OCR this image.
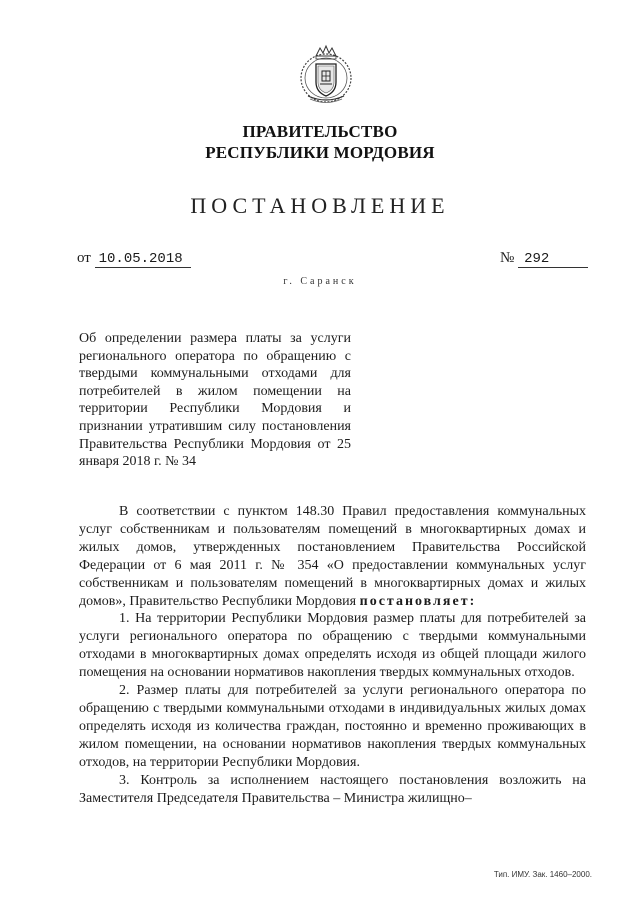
ПРАВИТЕЛЬСТВО
РЕСПУБЛИКИ МОРДОВИЯ
ПОСТАНОВЛЕНИЕ
от 10.05.2018	№ 292
г. Саранск
Об определении размера платы за услуги регионального оператора по обращению с твердыми коммунальными отходами для потребителей в жилом помещении на территории Республики Мордовия и признании утратившим силу постановления Правительства Республики Мордовия от 25 января 2018 г. № 34

В соответствии с пунктом 148.30 Правил предоставления коммунальных услуг собственникам и пользователям помещений в многоквартирных домах и жилых домов, утвержденных постановлением Правительства Российской Федерации от 6 мая 2011 г. № 354 «О предоставлении коммунальных услуг собственникам и пользователям помещений в многоквартирных домах и жилых домов», Правительство Республики Мордовия постановляет:

1. На территории Республики Мордовия размер платы для потребителей за услуги регионального оператора по обращению с твердыми коммунальными отходами в многоквартирных домах определять исходя из общей площади жилого помещения на основании нормативов накопления твердых коммунальных отходов.

2. Размер платы для потребителей за услуги регионального оператора по обращению с твердыми коммунальными отходами в индивидуальных жилых домах определять исходя из количества граждан, постоянно и временно проживающих в жилом помещении, на основании нормативов накопления твердых коммунальных отходов, на территории Республики Мордовия.

3. Контроль за исполнением настоящего постановления возложить на Заместителя Председателя Правительства – Министра жилищно–

Тип. ИМУ. Зак. 1460–2000.
